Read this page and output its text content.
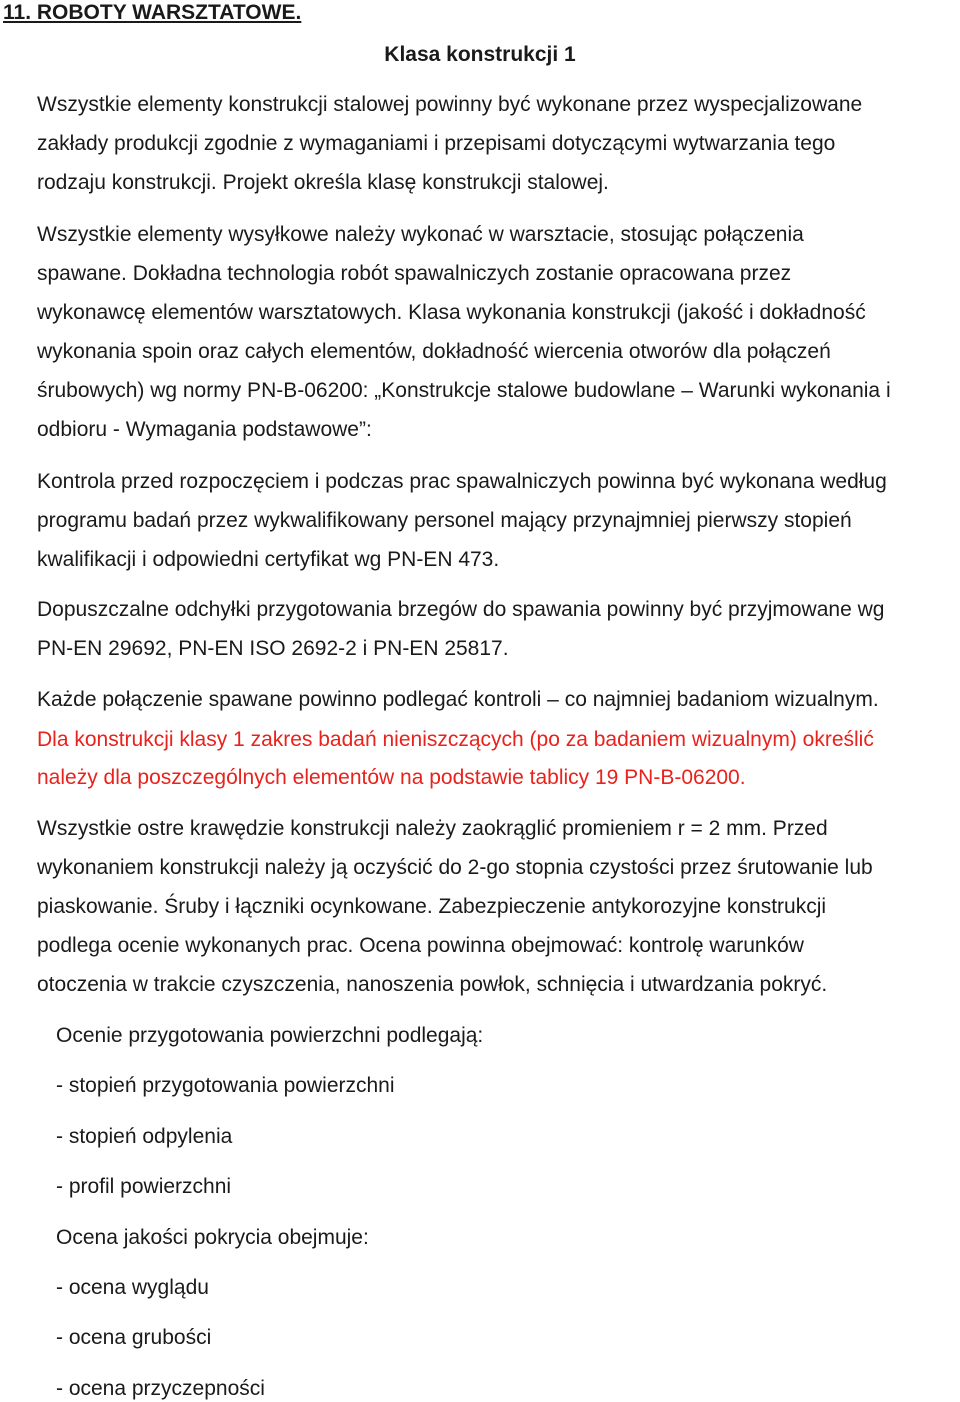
11. ROBOTY WARSZTATOWE.
Klasa konstrukcji 1

Wszystkie elementy konstrukcji stalowej powinny być wykonane przez wyspecjalizowane

zakłady produkcji zgodnie z wymaganiami i przepisami dotyczącymi wytwarzania tego

rodzaju konstrukcji. Projekt określa klasę konstrukcji stalowej.

Wszystkie elementy wysyłkowe należy wykonać w warsztacie, stosując połączenia

spawane. Dokładna technologia robót spawalniczych zostanie opracowana przez

wykonawcę elementów warsztatowych. Klasa wykonania konstrukcji (jakość i dokładność

wykonania spoin oraz całych elementów, dokładność wiercenia otworów dla połączeń

śrubowych) wg normy PN-B-06200: „Konstrukcje stalowe budowlane – Warunki wykonania i

odbioru - Wymagania podstawowe”:

Kontrola przed rozpoczęciem i podczas prac spawalniczych powinna być wykonana według

programu badań przez wykwalifikowany personel mający przynajmniej pierwszy stopień

kwalifikacji i odpowiedni certyfikat wg PN-EN 473.

Dopuszczalne odchyłki przygotowania brzegów do spawania powinny być przyjmowane wg

PN-EN 29692, PN-EN ISO 2692-2 i PN-EN 25817.

Każde połączenie spawane powinno podlegać kontroli – co najmniej badaniom wizualnym.

Dla konstrukcji klasy 1 zakres badań nieniszczących (po za badaniem wizualnym) określić

należy dla poszczególnych elementów na podstawie tablicy 19 PN-B-06200.

Wszystkie ostre krawędzie konstrukcji należy zaokrąglić promieniem r = 2 mm. Przed

wykonaniem konstrukcji należy ją oczyścić do 2-go stopnia czystości przez śrutowanie lub

piaskowanie. Śruby i łączniki ocynkowane. Zabezpieczenie antykorozyjne konstrukcji

podlega ocenie wykonanych prac. Ocena powinna obejmować: kontrolę warunków

otoczenia w trakcie czyszczenia, nanoszenia powłok, schnięcia i utwardzania pokryć.

Ocenie przygotowania powierzchni podlegają:

- stopień przygotowania powierzchni

- stopień odpylenia

- profil powierzchni

Ocena jakości pokrycia obejmuje:

- ocena wyglądu

- ocena grubości

- ocena przyczepności
